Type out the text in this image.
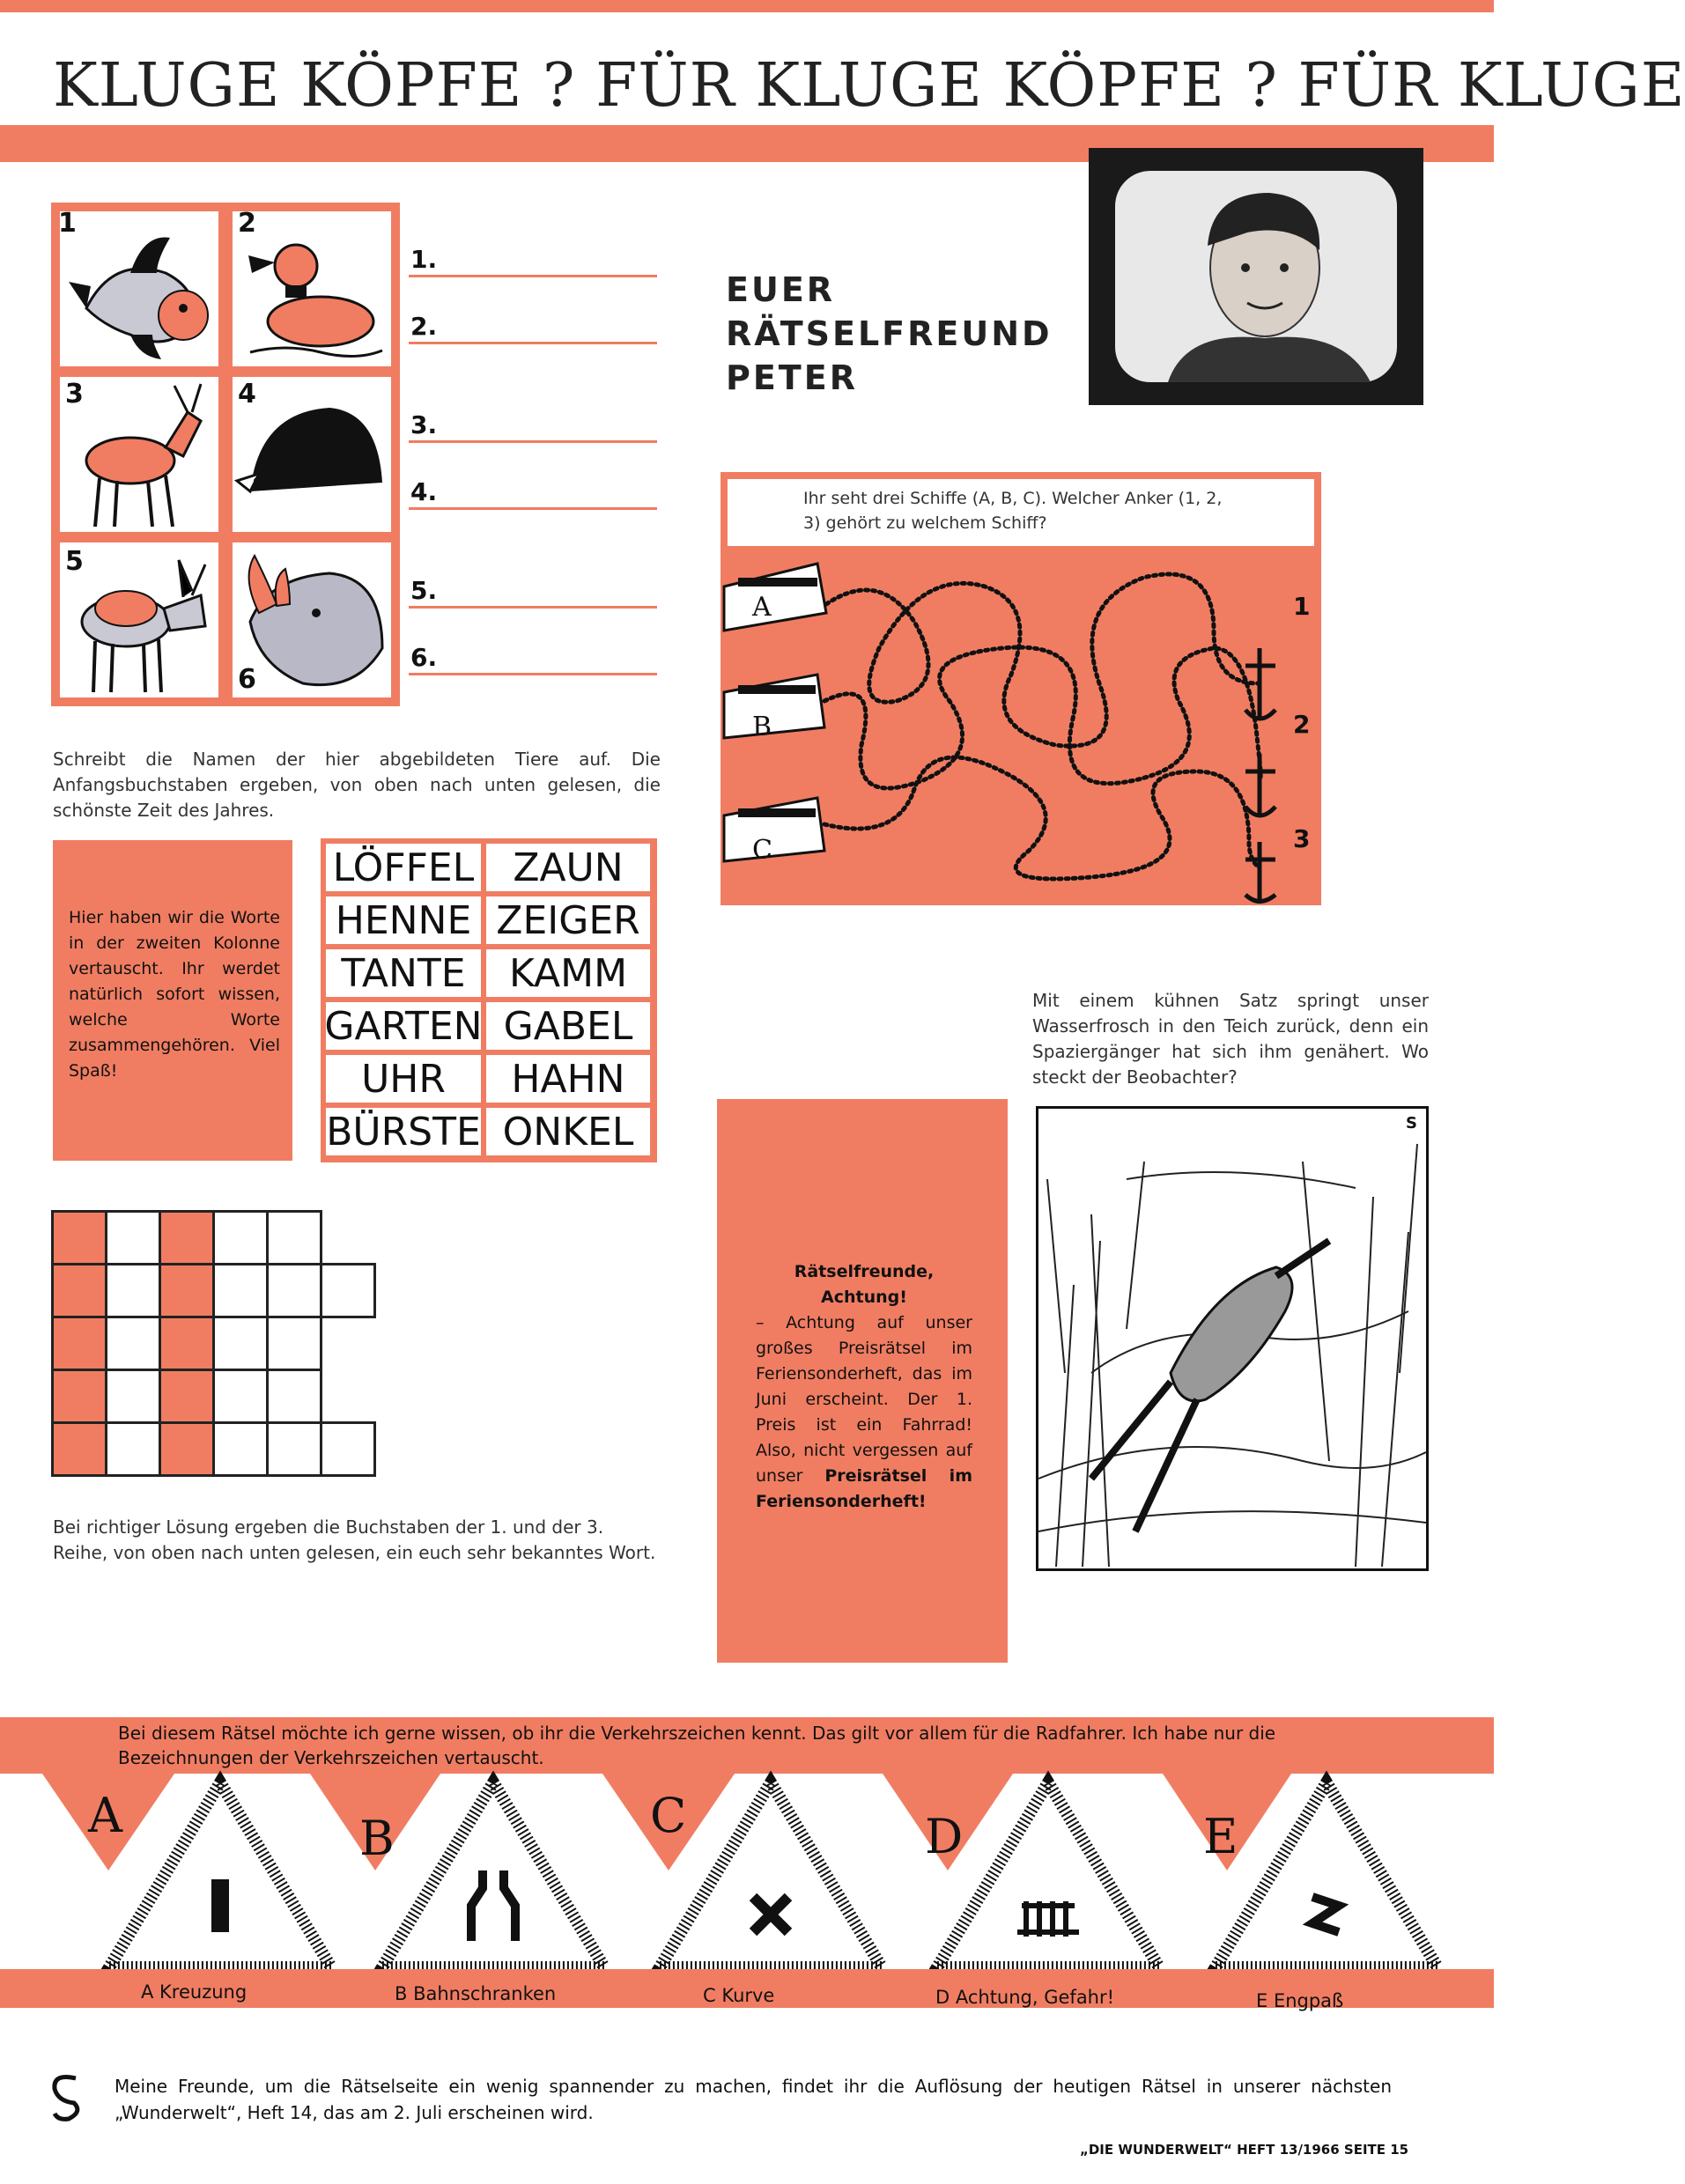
KLUGE KÖPFE ? FÜR KLUGE KÖPFE ? FÜR KLUGE
1	2
3	4
5
6
1.
2.
3.
4.
5.
6.
Schreibt die Namen der hier abgebildeten Tiere auf. Die Anfangsbuchstaben ergeben, von oben nach unten gelesen, die schönste Zeit des Jahres.
EUER
RÄTSELFREUND
PETER
Ihr seht drei Schiffe (A, B, C). Welcher Anker (1, 2, 3) gehört zu welchem Schiff?
A
B
C
1
2
3
Hier haben wir die Worte in der zweiten Kolonne vertauscht. Ihr werdet natürlich sofort wissen, welche Worte zusammengehören. Viel Spaß!
LÖFFEL	ZAUN
HENNE ZEIGER
TANTE	KAMM
GARTEN GABEL
UHR	HAHN
BÜRSTE ONKEL
Mit einem kühnen Satz springt unser Wasserfrosch in den Teich zurück, denn ein Spaziergänger hat sich ihm genähert. Wo steckt der Beobachter?
S

Bei richtiger Lösung ergeben die Buchstaben der 1. und der 3. Reihe, von oben nach unten gelesen, ein euch sehr bekanntes Wort.
Rätselfreunde, Achtung!
– Achtung auf unser großes Preisrätsel im Feriensonderheft, das im Juni erscheint. Der 1. Preis ist ein Fahrrad! Also, nicht vergessen auf unser Preisrätsel im Feriensonderheft!
Bei diesem Rätsel möchte ich gerne wissen, ob ihr die Verkehrszeichen kennt. Das gilt vor allem für die Radfahrer. Ich habe nur die Bezeichnungen der Verkehrszeichen vertauscht.
A	B	C	D	E
A Kreuzung	B Bahnschranken	C Kurve	D Achtung, Gefahr!	E Engpaß
Meine Freunde, um die Rätselseite ein wenig spannender zu machen, findet ihr die Auflösung der heutigen Rätsel in unserer nächsten „Wunderwelt“, Heft 14, das am 2. Juli erscheinen wird.
„DIE WUNDERWELT“ HEFT 13/1966 SEITE 15
